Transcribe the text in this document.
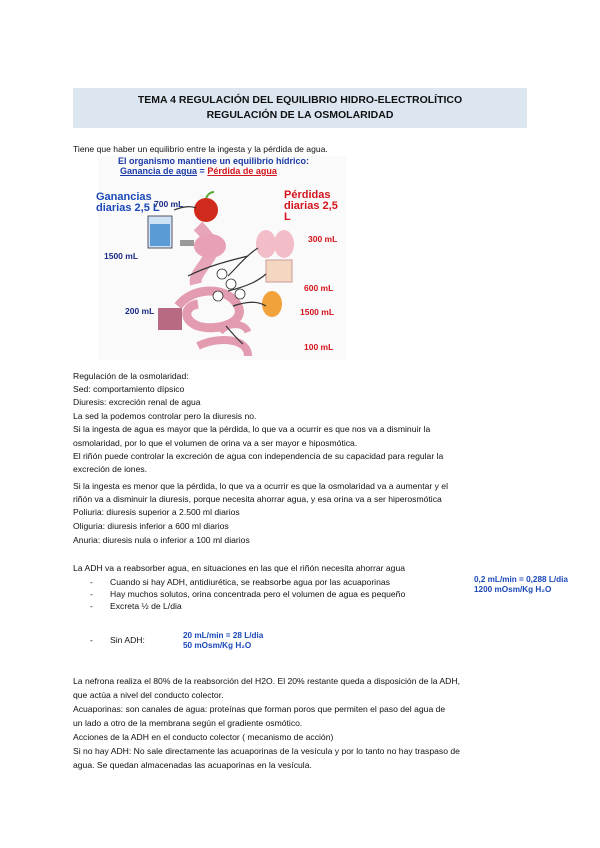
TEMA 4 REGULACIÓN DEL EQUILIBRIO HIDRO-ELECTROLÍTICO
REGULACIÓN DE LA OSMOLARIDAD
Tiene que haber un equilibrio entre la ingesta y la pérdida de agua.
El organismo mantiene un equilibrio hídrico:
Ganancia de agua = Pérdida de agua
Ganancias
diarias 2,5 L
Pérdidas
diarias 2,5 L
700 mL
1500 mL
200 mL
300 mL
600 mL
1500 mL
100 mL
Regulación de la osmolaridad:
Sed: comportamiento dípsico
Diuresis: excreción renal de agua
La sed la podemos controlar pero la diuresis no.
Si la ingesta de agua es mayor que la pérdida, lo que va a ocurrir es que nos va a disminuir la
osmolaridad, por lo que el volumen de orina va a ser mayor e hiposmótica.
El riñón puede controlar la excreción de agua con independencia de su capacidad para regular la
excreción de iones.
Si la ingesta es menor que la pérdida, lo que va a ocurrir es que la osmolaridad va a aumentar y el
riñón va a disminuir la diuresis, porque necesita ahorrar agua, y esa orina va a ser hiperosmótica
Poliuria: diuresis superior a 2.500 ml diarios
Oliguria: diuresis inferior a 600 ml diarios
Anuria: diuresis nula o inferior a 100 ml diarios
La ADH va a reabsorber agua, en situaciones en las que el riñón necesita ahorrar agua
- Cuando si hay ADH, antidiurética, se reabsorbe agua por las acuaporinas
- Hay muchos solutos, orina concentrada pero el volumen de agua es pequeño
- Excreta ½ de L/dia
0,2 mL/min = 0,288 L/dia
1200 mOsm/Kg H₂O
- Sin ADH:	20 mL/min = 28 L/dia
50 mOsm/Kg H₂O
La nefrona realiza el 80% de la reabsorción del H2O. El 20% restante queda a disposición de la ADH,
que actúa a nivel del conducto colector.
Acuaporinas: son canales de agua: proteínas que forman poros que permiten el paso del agua de
un lado a otro de la membrana según el gradiente osmótico.
Acciones de la ADH en el conducto colector ( mecanismo de acción)
Si no hay ADH: No sale directamente las acuaporinas de la vesícula y por lo tanto no hay traspaso de
agua. Se quedan almacenadas las acuaporinas en la vesícula.
